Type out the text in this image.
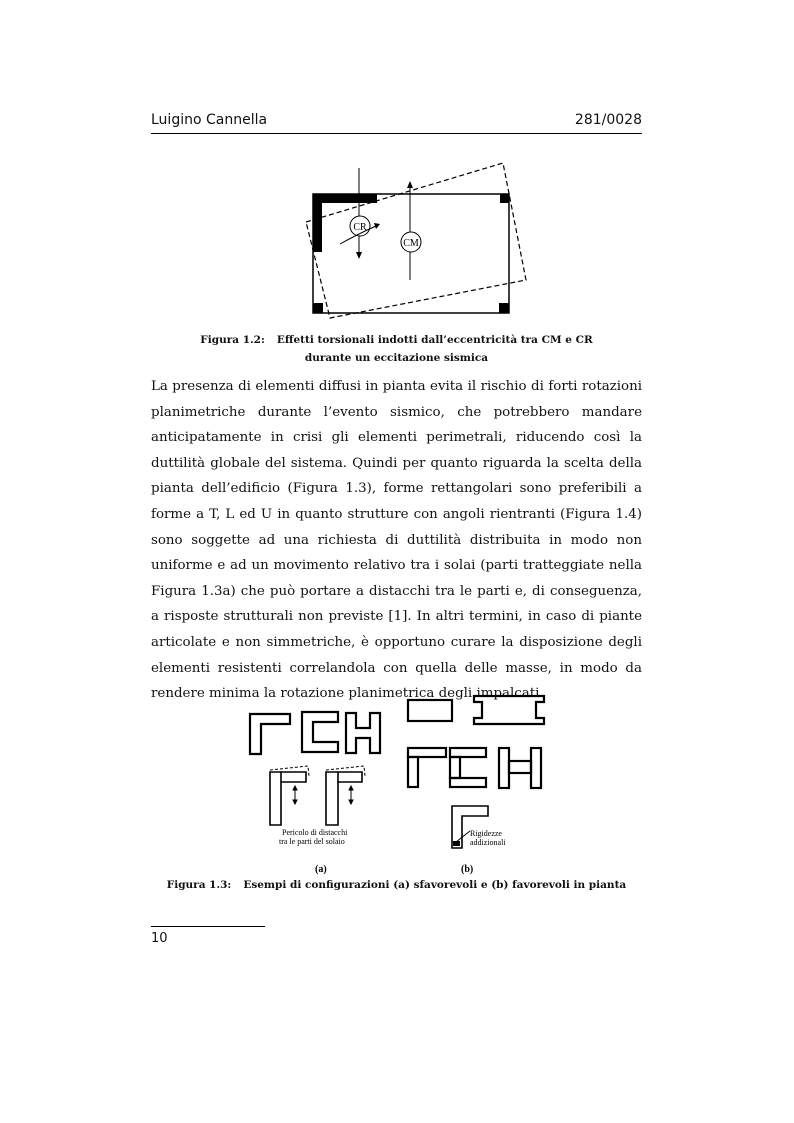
Luigino Cannella	281/0028
CR
CM
Figura 1.2: Effetti torsionali indotti dall’eccentricità tra CM e CR
durante un eccitazione sismica
La presenza di elementi diffusi in pianta evita il rischio di forti rotazioni planimetriche durante l’evento sismico, che potrebbero mandare anticipatamente in crisi gli elementi perimetrali, riducendo così la duttilità globale del sistema. Quindi per quanto riguarda la scelta della pianta dell’edificio (Figura 1.3), forme rettangolari sono preferibili a forme a T, L ed U in quanto strutture con angoli rientranti (Figura 1.4) sono soggette ad una richiesta di duttilità distribuita in modo non uniforme e ad un movimento relativo tra i solai (parti tratteggiate nella Figura 1.3a) che può portare a distacchi tra le parti e, di conseguenza, a risposte strutturali non previste [1]. In altri termini, in caso di piante articolate e non simmetriche, è opportuno curare la disposizione degli elementi resistenti correlandola con quella delle masse, in modo da rendere minima la rotazione planimetrica degli impalcati.
Pericolo di distacchi
tra le parti del solaio
Rigidezze
addizionali
(a)	(b)
Figura 1.3: Esempi di configurazioni (a) sfavorevoli e (b) favorevoli in pianta
10
